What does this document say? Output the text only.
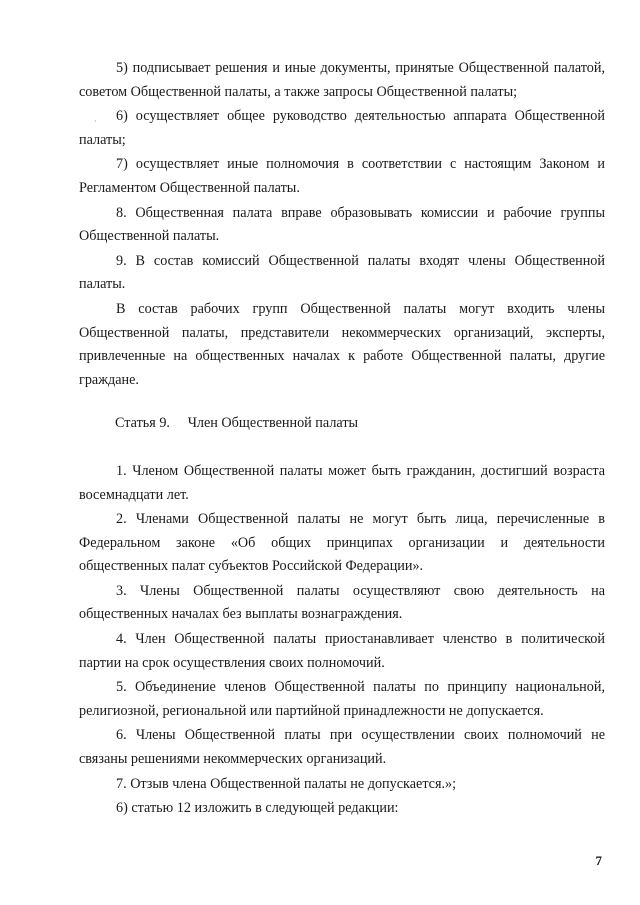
·

5) подписывает решения и иные документы, принятые Общественной палатой, советом Общественной палаты, а также запросы Общественной палаты;

6) осуществляет общее руководство деятельностью аппарата Общественной палаты;

7) осуществляет иные полномочия в соответствии с настоящим Законом и Регламентом Общественной палаты.

8. Общественная палата вправе образовывать комиссии и рабочие группы Общественной палаты.

9. В состав комиссий Общественной палаты входят члены Общественной палаты.

В состав рабочих групп Общественной палаты могут входить члены Общественной палаты, представители некоммерческих организаций, эксперты, привлеченные на общественных началах к работе Общественной палаты, другие граждане.

Статья 9.     Член Общественной палаты

1. Членом Общественной палаты может быть гражданин, достигший возраста восемнадцати лет.

2. Членами Общественной палаты не могут быть лица, перечисленные в Федеральном законе «Об общих принципах организации и деятельности общественных палат субъектов Российской Федерации».

3. Члены Общественной палаты осуществляют свою деятельность на общественных началах без выплаты вознаграждения.

4. Член Общественной палаты приостанавливает членство в политической партии на срок осуществления своих полномочий.

5. Объединение членов Общественной палаты по принципу национальной, религиозной, региональной или партийной принадлежности не допускается.

6. Члены Общественной платы при осуществлении своих полномочий не связаны решениями некоммерческих организаций.

7. Отзыв члена Общественной палаты не допускается.»;

6) статью 12 изложить в следующей редакции:

7
